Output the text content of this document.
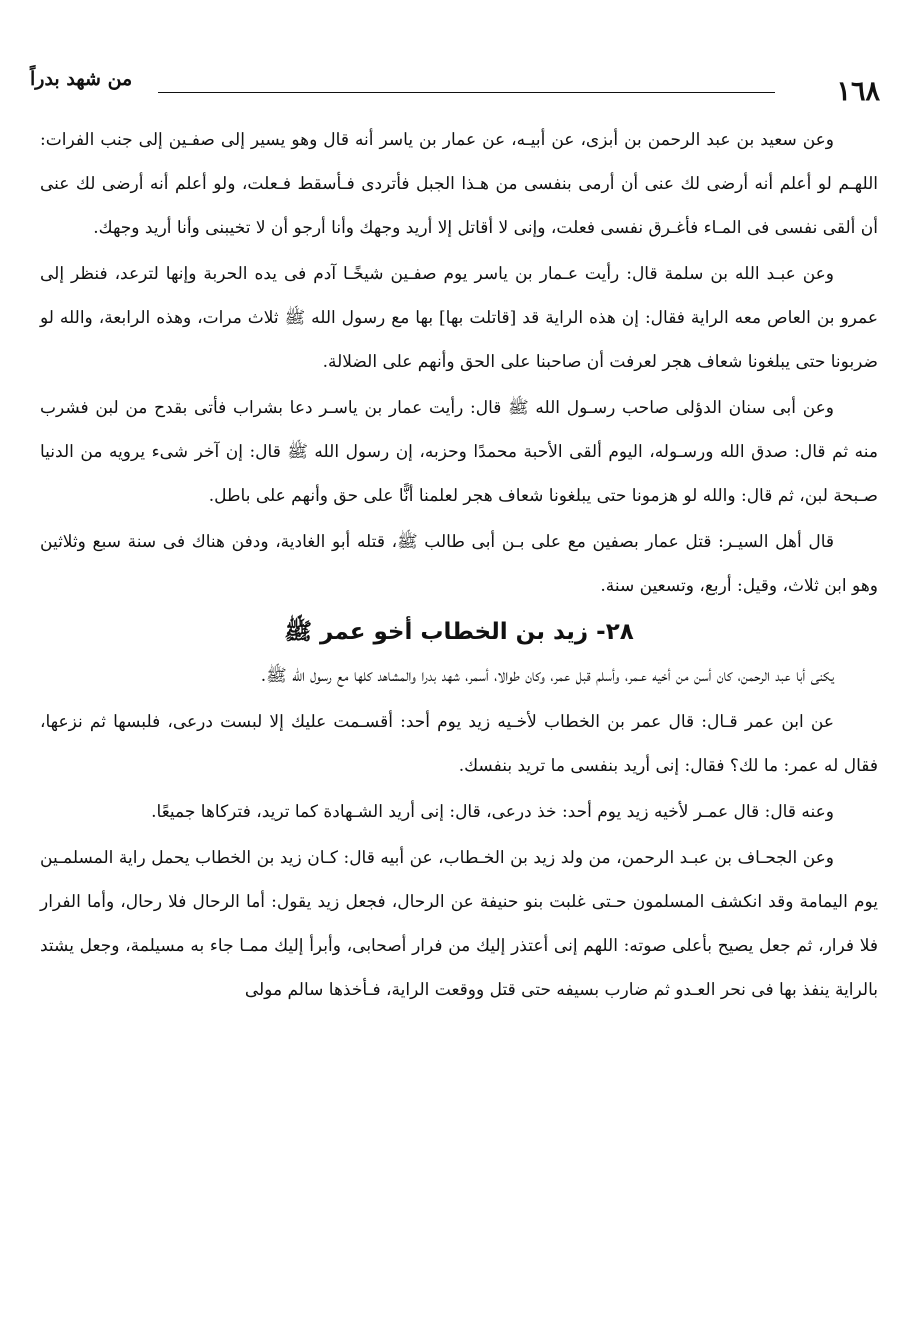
من شهد بدراً	١٦٨

وعن سعيد بن عبد الرحمن بن أبزى، عن أبيـه، عن عمار بن ياسر أنه قال وهو يسير إلى صفـين إلى جنب الفرات: اللهـم لو أعلم أنه أرضى لك عنى أن أرمى بنفسى من هـذا الجبل فأتردى فـأسقط فـعلت، ولو أعلم أنه أرضى لك عنى أن ألقى نفسى فى المـاء فأغـرق نفسى فعلت، وإنى لا أقاتل إلا أريد وجهك وأنا أرجو أن لا تخيبنى وأنا أريد وجهك.

وعن عبـد الله بن سلمة قال: رأيت عـمار بن ياسر يوم صفـين شيخًـا آدم فى يده الحربة وإنها لترعد، فنظر إلى عمرو بن العاص معه الراية فقال: إن هذه الراية قد [قاتلت بها] بها مع رسول الله ﷺ ثلاث مرات، وهذه الرابعة، والله لو ضربونا حتى يبلغونا شعاف هجر لعرفت أن صاحبنا على الحق وأنهم على الضلالة.

وعن أبى سنان الدؤلى صاحب رسـول الله ﷺ قال: رأيت عمار بن ياسـر دعا بشراب فأتى بقدح من لبن فشرب منه ثم قال: صدق الله ورسـوله، اليوم ألقى الأحبة محمدًا وحزبه، إن رسول الله ﷺ قال: إن آخر شىء يرويه من الدنيا صـبحة لبن، ثم قال: والله لو هزمونا حتى يبلغونا شعاف هجر لعلمنا أنًّا على حق وأنهم على باطل.

قال أهل السيـر: قتل عمار بصفين مع على بـن أبى طالب ﷺ، قتله أبو الغادية، ودفن هناك فى سنة سبع وثلاثين وهو ابن ثلاث، وقيل: أربع، وتسعين سنة.

٢٨- زيد بن الخطاب أخو عمر ﷺ

يكنى أبا عبد الرحمن، كان أسن من أخيه عـمر، وأسلم قبل عمر، وكان طوالا، أسمر، شهد بدرا والمشاهد كلها مع رسول الله ﷺ.

عن ابن عمر قـال: قال عمر بن الخطاب لأخـيه زيد يوم أحد: أقسـمت عليك إلا لبست درعى، فلبسها ثم نزعها، فقال له عمر: ما لك؟ فقال: إنى أريد بنفسى ما تريد بنفسك.

وعنه قال: قال عمـر لأخيه زيد يوم أحد: خذ درعى، قال: إنى أريد الشـهادة كما تريد، فتركاها جميعًا.

وعن الجحـاف بن عبـد الرحمن، من ولد زيد بن الخـطاب، عن أبيه قال: كـان زيد بن الخطاب يحمل راية المسلمـين يوم اليمامة وقد انكشف المسلمون حـتى غلبت بنو حنيفة عن الرحال، فجعل زيد يقول: أما الرحال فلا رحال، وأما الفرار فلا فرار، ثم جعل يصيح بأعلى صوته: اللهم إنى أعتذر إليك من فرار أصحابى، وأبرأ إليك ممـا جاء به مسيلمة، وجعل يشتد بالراية ينفذ بها فى نحر العـدو ثم ضارب بسيفه حتى قتل ووقعت الراية، فـأخذها سالم مولى
